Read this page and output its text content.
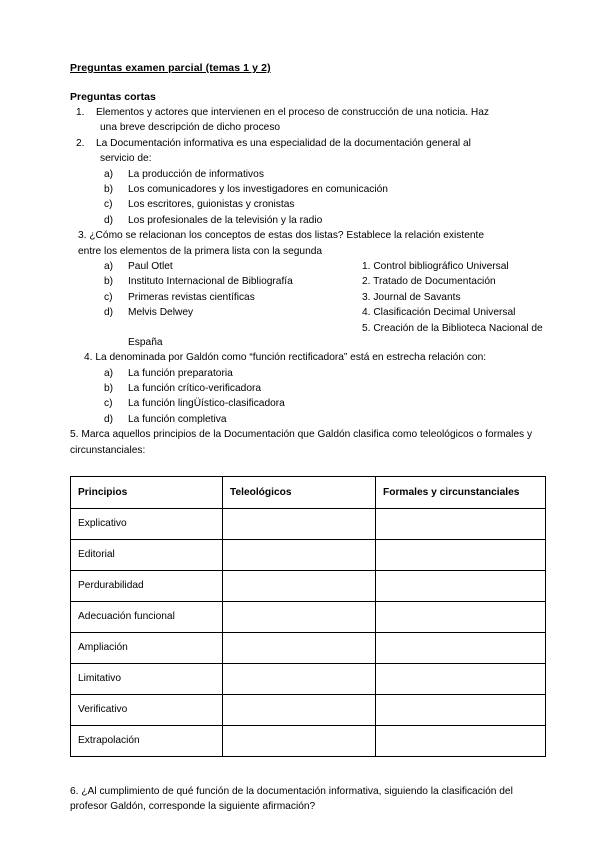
Preguntas examen parcial (temas 1 y 2)
Preguntas cortas
1.	Elementos y actores que intervienen en el proceso de construcción de una noticia. Haz
una breve descripción de dicho proceso
2.	La Documentación informativa es una especialidad de la documentación general al
servicio de:
a)	La producción de informativos
b)	Los comunicadores y los investigadores en comunicación
c)	Los escritores, guionistas y cronistas
d)	Los profesionales de la televisión y la radio
3. ¿Cómo se relacionan los conceptos de estas dos listas? Establece la relación existente
entre los elementos de la primera lista con la segunda
a)	Paul Otlet
b)	Instituto Internacional de Bibliografía
c)	Primeras revistas científicas
d)	Melvis Delwey
1. Control bibliográfico Universal
2. Tratado de Documentación
3. Journal de Savants
4. Clasificación Decimal Universal
5. Creación de la Biblioteca Nacional de
España
4. La denominada por Galdón como “función rectificadora” está en estrecha relación con:
a)	La función preparatoria
b)	La función crítico-verificadora
c)	La función lingÜístico-clasificadora
d)	La función completiva
5. Marca aquellos principios de la Documentación que Galdón clasifica como teleológicos o formales y
circunstanciales:
Principios	Teleológicos	Formales y circunstanciales
Explicativo		
Editorial		
Perdurabilidad		
Adecuación funcional		
Ampliación		
Limitativo		
Verificativo		
Extrapolación		
6. ¿Al cumplimiento de qué función de la documentación informativa, siguiendo la clasificación del
profesor Galdón, corresponde la siguiente afirmación?
